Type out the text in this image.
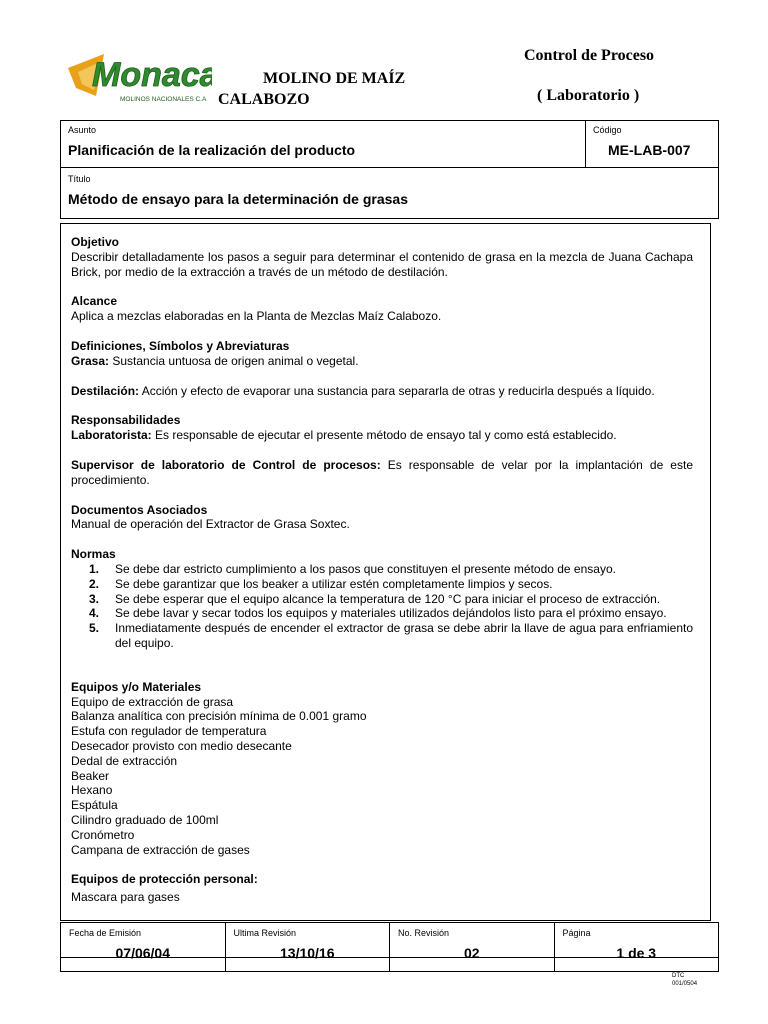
Monaca
MOLINOS NACIONALES C.A
MOLINO DE MAÍZ
CALABOZO
Control de Proceso
( Laboratorio )
Asunto
Planificación de la realización del producto
Código
ME-LAB-007
Título
Método de ensayo para la determinación de grasas

Objetivo

Describir detalladamente los pasos a seguir para determinar el contenido de grasa en la mezcla de Juana Cachapa Brick, por medio de la extracción a través de un método de destilación.

Alcance

Aplica a mezclas elaboradas en la Planta de Mezclas Maíz Calabozo.

Definiciones, Símbolos y Abreviaturas

Grasa: Sustancia untuosa de origen animal o vegetal.

Destilación: Acción y efecto de evaporar una sustancia para separarla de otras y reducirla después a líquido.

Responsabilidades

Laboratorista: Es responsable de ejecutar el presente método de ensayo tal y como está establecido.

Supervisor de laboratorio de Control de procesos: Es responsable de velar por la implantación de este procedimiento.

Documentos Asociados

Manual de operación del Extractor de Grasa Soxtec.

Normas

1.	Se debe dar estricto cumplimiento a los pasos que constituyen el presente método de ensayo.
2.	Se debe garantizar que los beaker a utilizar estén completamente limpios y secos.
3.	Se debe esperar que el equipo alcance la temperatura de 120 °C para iniciar el proceso de extracción.
4.	Se debe lavar y secar todos los equipos y materiales utilizados dejándolos listo para el próximo ensayo.
5.	Inmediatamente después de encender el extractor de grasa se debe abrir la llave de agua para enfriamiento del equipo.

Equipos y/o Materiales

Equipo de extracción de grasa

Balanza analítica con precisión mínima de 0.001 gramo

Estufa con regulador de temperatura

Desecador provisto con medio desecante

Dedal de extracción

Beaker

Hexano

Espátula

Cilindro graduado de 100ml

Cronómetro

Campana de extracción de gases

Equipos de protección personal:

Mascara para gases

Fecha de Emisión
07/06/04
Ultima Revisión
13/10/16
No. Revisión
02
Página
1 de 3
DTC
001/0504
